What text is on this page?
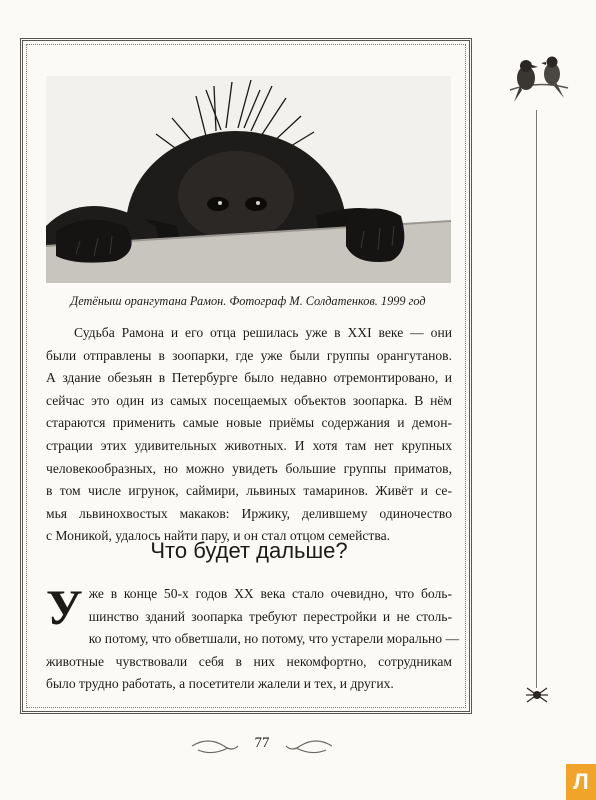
Детёныш орангутана Рамон. Фотограф М. Солдатенков. 1999 год
Судьба Рамона и его отца решилась уже в XXI веке — они
были отправлены в зоопарки, где уже были группы орангутанов.
А здание обезьян в Петербурге было недавно отремонтировано, и
сейчас это один из самых посещаемых объектов зоопарка. В нём
стараются применить самые новые приёмы содержания и демон-
страции этих удивительных животных. И хотя там нет крупных
человекообразных, но можно увидеть большие группы приматов,
в том числе игрунок, саймири, львиных тамаринов. Живёт и се-
мья львинохвостых макаков: Иржику, делившему одиночество
с Моникой, удалось найти пару, и он стал отцом семейства.
Что будет дальше?
У же в конце 50-х годов XX века стало очевидно, что боль-
шинство зданий зоопарка требуют перестройки и не столь-
ко потому, что обветшали, но потому, что устарели морально —
животные чувствовали себя в них некомфортно, сотрудникам
было трудно работать, а посетители жалели и тех, и других.
77
Л
